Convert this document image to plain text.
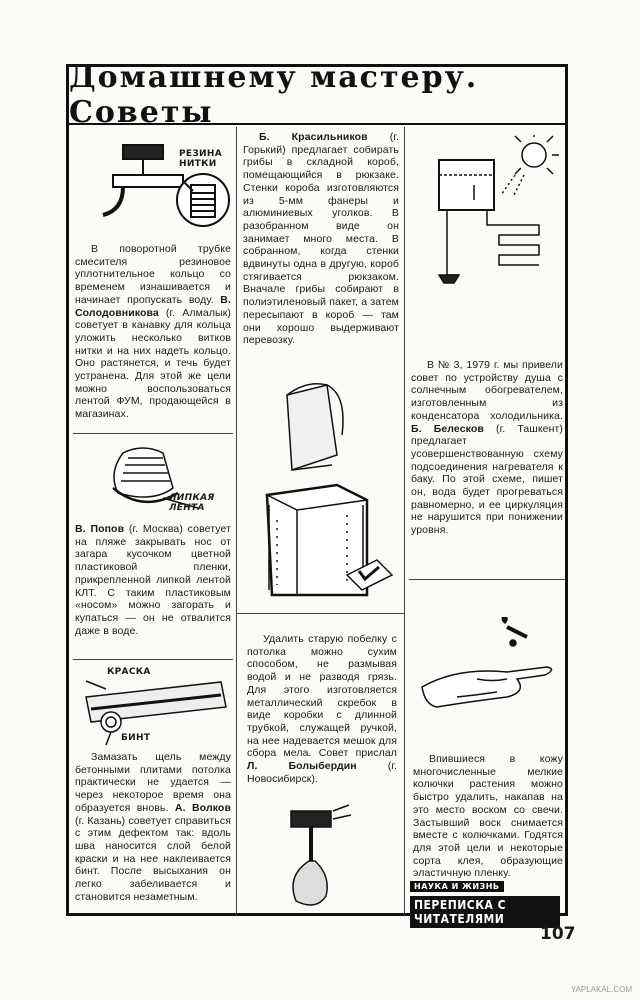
Домашнему мастеру. Советы
РЕЗИНА
НИТКИ
В поворотной трубке смесителя резиновое уплотнительное кольцо со временем изнашивается и начинает пропускать воду. В. Солодовникова (г. Алмалык) советует в канавку для кольца уложить несколько витков нитки и на них надеть кольцо. Оно растянется, и течь будет устранена. Для этой же цели можно воспользоваться лентой ФУМ, продающейся в магазинах.
ЛИПКАЯ
ЛЕНТА
В. Попов (г. Москва) советует на пляже закрывать нос от загара кусочком цветной пластиковой пленки, прикрепленной липкой лентой КЛТ. С таким пластиковым «носом» можно загорать и купаться — он не отвалится даже в воде.
КРАСКА
БИНТ
Замазать щель между бетонными плитами потолка практически не удается — через некоторое время она образуется вновь. А. Волков (г. Казань) советует справиться с этим дефектом так: вдоль шва наносится слой белой краски и на нее наклеивается бинт. После высыхания он легко забеливается и становится незаметным.
Б. Красильников (г. Горький) предлагает собирать грибы в складной короб, помещающийся в рюкзаке. Стенки короба изготовляются из 5-мм фанеры и алюминиевых уголков. В разобранном виде он занимает много места. В собранном, когда стенки вдвинуты одна в другую, короб стягивается рюкзаком. Вначале грибы собирают в полиэтиленовый пакет, а затем пересыпают в короб — там они хорошо выдерживают перевозку.
Удалить старую побелку с потолка можно сухим способом, не размывая водой и не разводя грязь. Для этого изготовляется металлический скребок в виде коробки с длинной трубкой, служащей ручкой, на нее надевается мешок для сбора мела. Совет прислал Л. Болыбердин (г. Новосибирск).
В № 3, 1979 г. мы привели совет по устройству душа с солнечным обогревателем, изготовленным из конденсатора холодильника. Б. Белесков (г. Ташкент) предлагает усовершенствованную схему подсоединения нагревателя к баку. По этой схеме, пишет он, вода будет прогреваться равномерно, и ее циркуляция не нарушится при понижении уровня.
Впившиеся в кожу многочисленные мелкие колючки растения можно быстро удалить, накапав на это место воском со свечи. Застывший воск снимается вместе с колючками. Годятся для этой цели и некоторые сорта клея, образующие эластичную пленку.
НАУКА И ЖИЗНЬ
ПЕРЕПИСКА С ЧИТАТЕЛЯМИ
107
YAPLAKAL.COM
